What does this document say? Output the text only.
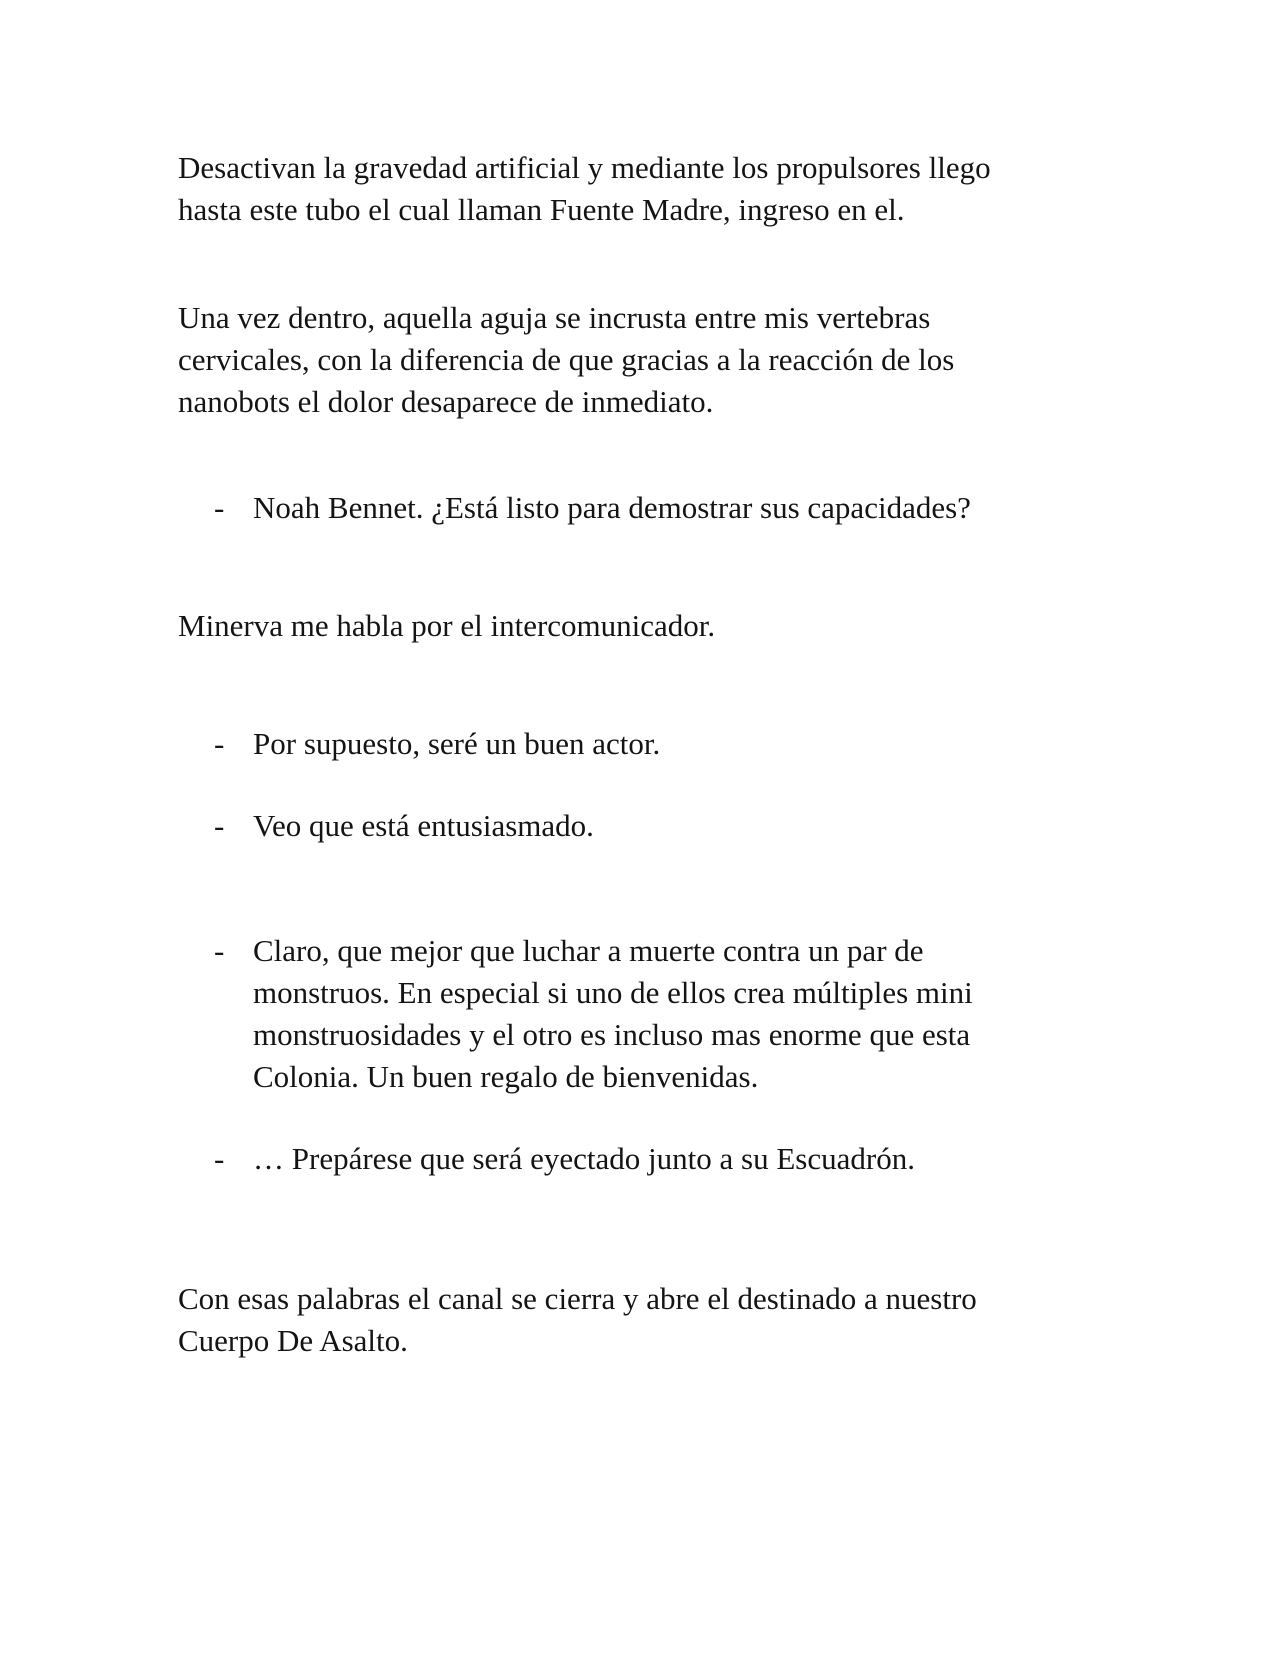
Desactivan la gravedad artificial y mediante los propulsores llego
hasta este tubo el cual llaman Fuente Madre, ingreso en el.

Una vez dentro, aquella aguja se incrusta entre mis vertebras
cervicales, con la diferencia de que gracias a la reacción de los
nanobots el dolor desaparece de inmediato.

- Noah Bennet. ¿Está listo para demostrar sus capacidades?

Minerva me habla por el intercomunicador.

- Por supuesto, seré un buen actor.
- Veo que está entusiasmado.
- Claro, que mejor que luchar a muerte contra un par de
monstruos. En especial si uno de ellos crea múltiples mini
monstruosidades y el otro es incluso mas enorme que esta
Colonia. Un buen regalo de bienvenidas.
- … Prepárese que será eyectado junto a su Escuadrón.

Con esas palabras el canal se cierra y abre el destinado a nuestro
Cuerpo De Asalto.
